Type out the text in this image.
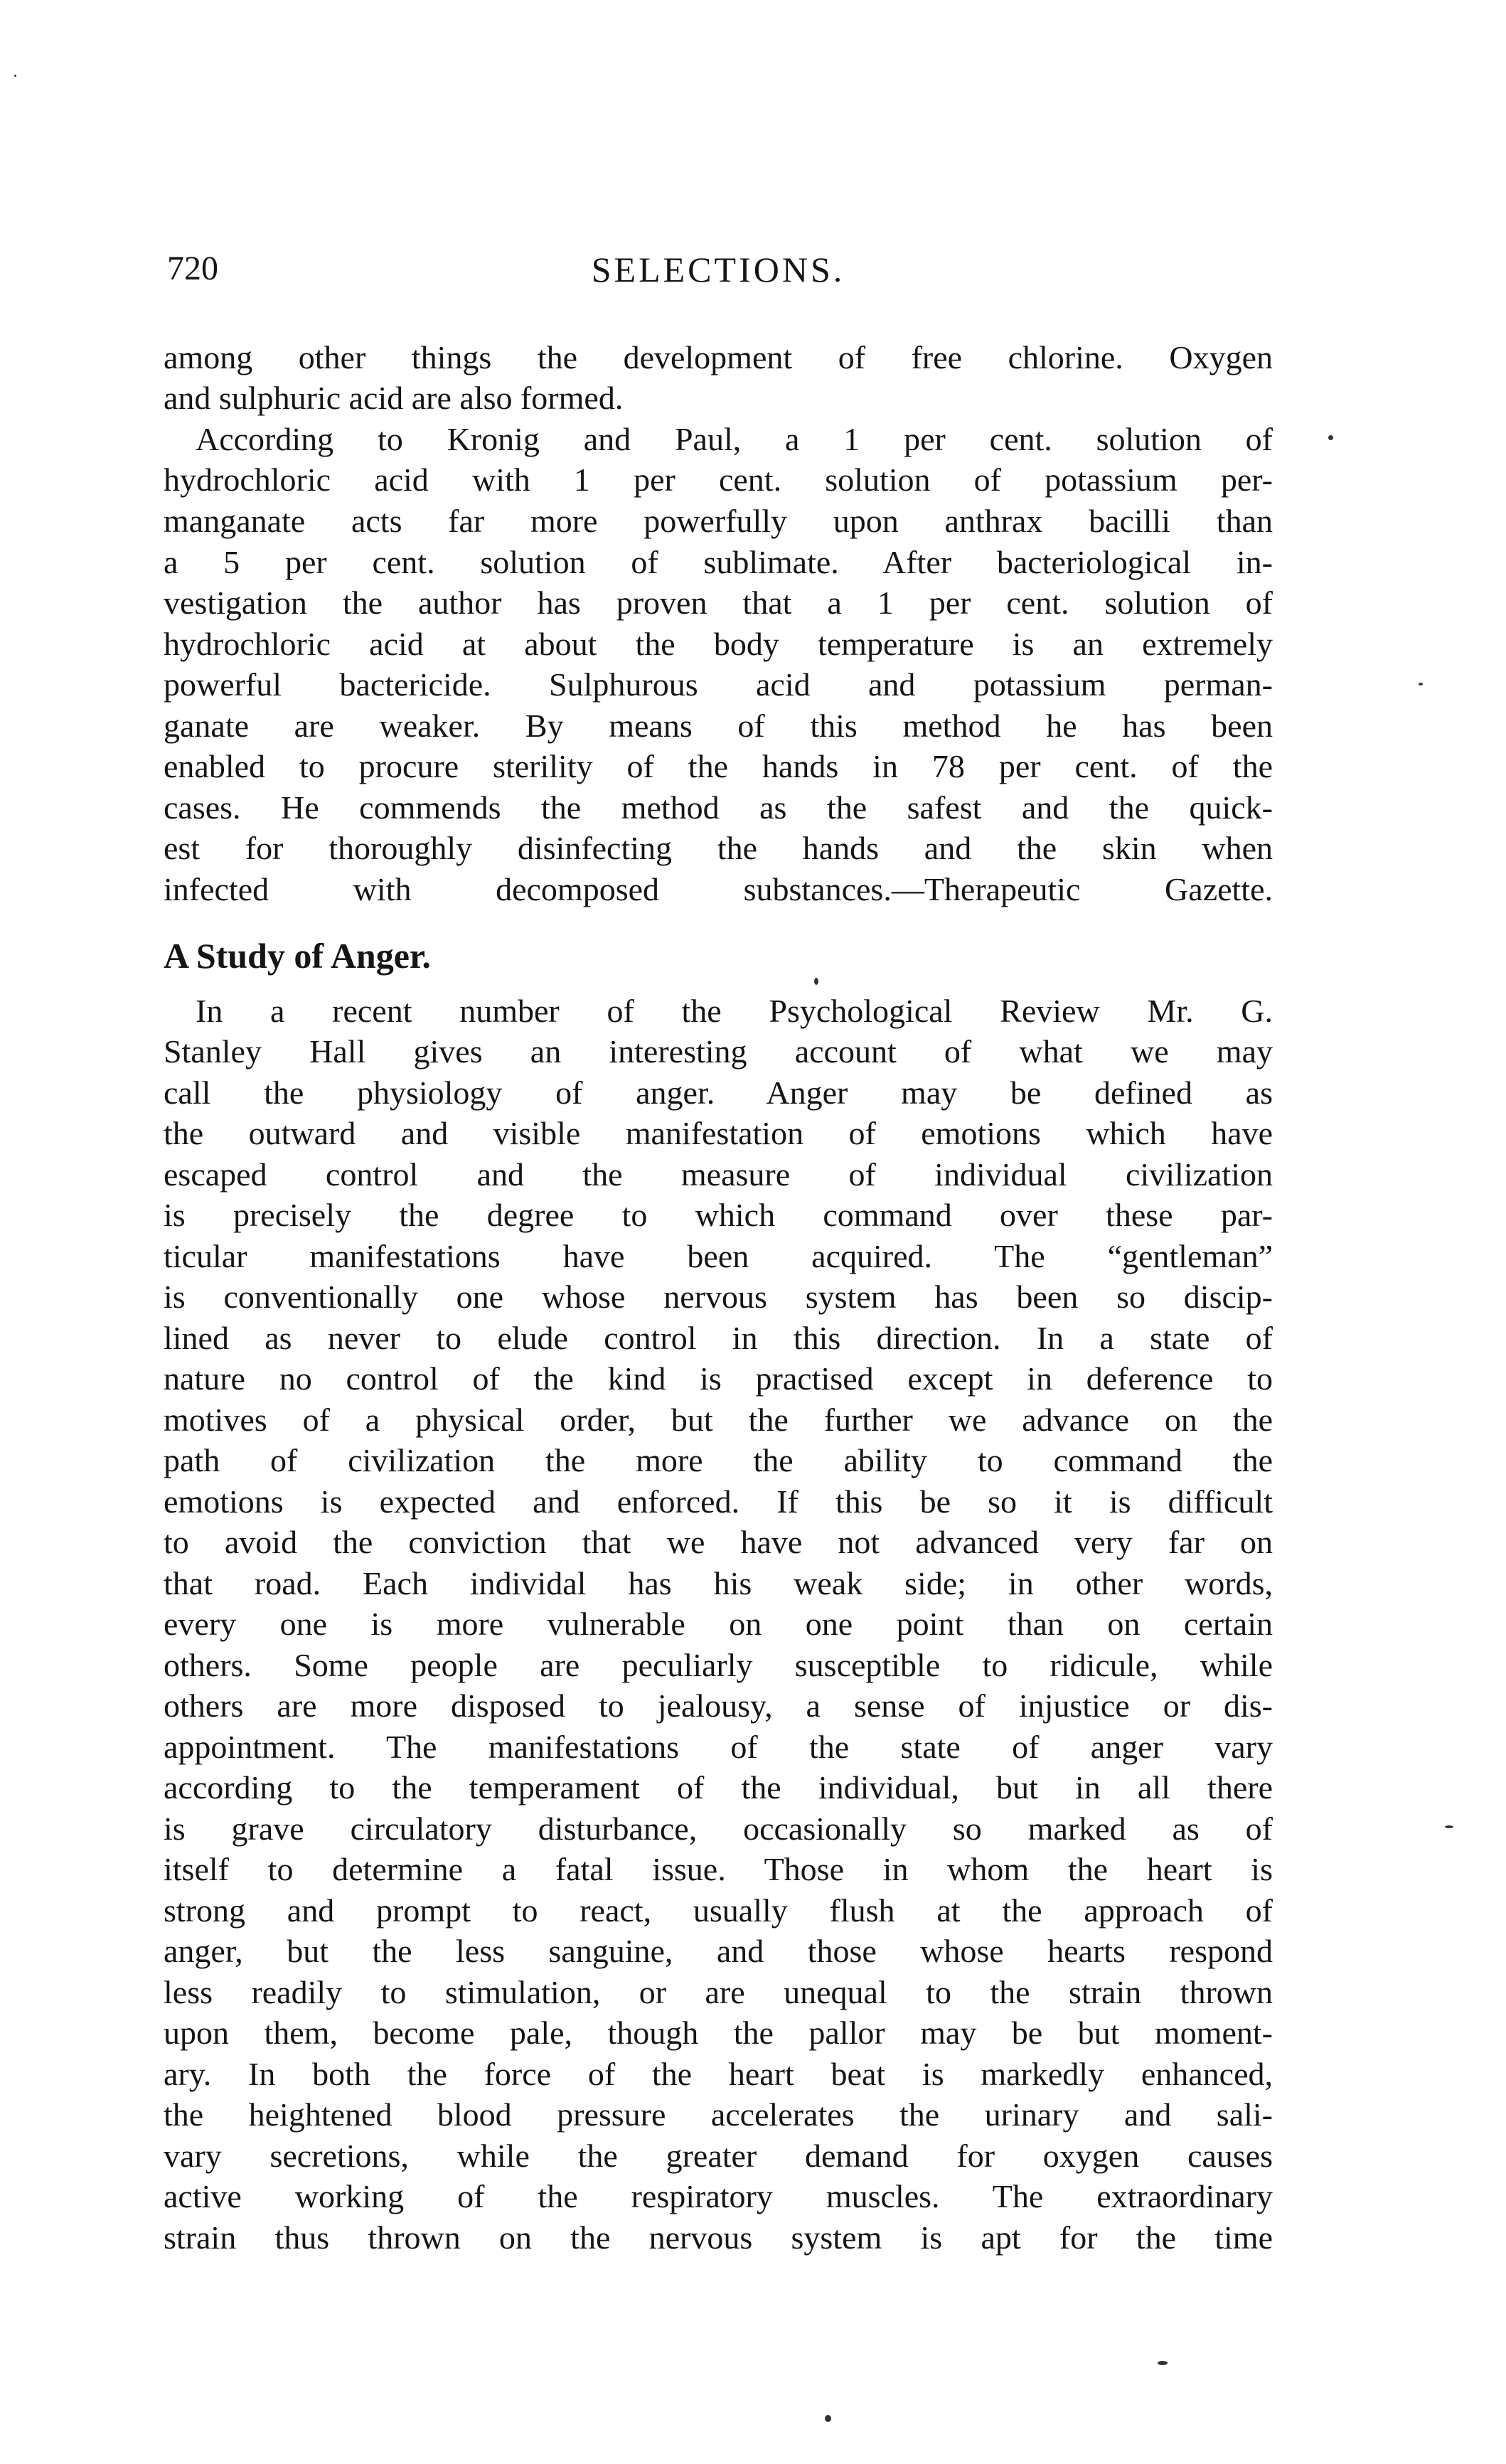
720	SELECTIONS.
among other things the development of free chlorine. Oxygen
and sulphuric acid are also formed.
According to Kronig and Paul, a 1 per cent. solution of
hydrochloric acid with 1 per cent. solution of potassium per-
manganate acts far more powerfully upon anthrax bacilli than
a 5 per cent. solution of sublimate. After bacteriological in-
vestigation the author has proven that a 1 per cent. solution of
hydrochloric acid at about the body temperature is an extremely
powerful bactericide. Sulphurous acid and potassium perman-
ganate are weaker. By means of this method he has been
enabled to procure sterility of the hands in 78 per cent. of the
cases. He commends the method as the safest and the quick-
est for thoroughly disinfecting the hands and the skin when
infected with decomposed substances.—Therapeutic Gazette.
A Study of Anger.
In a recent number of the Psychological Review Mr. G.
Stanley Hall gives an interesting account of what we may
call the physiology of anger. Anger may be defined as
the outward and visible manifestation of emotions which have
escaped control and the measure of individual civilization
is precisely the degree to which command over these par-
ticular manifestations have been acquired. The “gentleman”
is conventionally one whose nervous system has been so discip-
lined as never to elude control in this direction. In a state of
nature no control of the kind is practised except in deference to
motives of a physical order, but the further we advance on the
path of civilization the more the ability to command the
emotions is expected and enforced. If this be so it is difficult
to avoid the conviction that we have not advanced very far on
that road. Each individal has his weak side; in other words,
every one is more vulnerable on one point than on certain
others. Some people are peculiarly susceptible to ridicule, while
others are more disposed to jealousy, a sense of injustice or dis-
appointment. The manifestations of the state of anger vary
according to the temperament of the individual, but in all there
is grave circulatory disturbance, occasionally so marked as of
itself to determine a fatal issue. Those in whom the heart is
strong and prompt to react, usually flush at the approach of
anger, but the less sanguine, and those whose hearts respond
less readily to stimulation, or are unequal to the strain thrown
upon them, become pale, though the pallor may be but moment-
ary. In both the force of the heart beat is markedly enhanced,
the heightened blood pressure accelerates the urinary and sali-
vary secretions, while the greater demand for oxygen causes
active working of the respiratory muscles. The extraordinary
strain thus thrown on the nervous system is apt for the time
